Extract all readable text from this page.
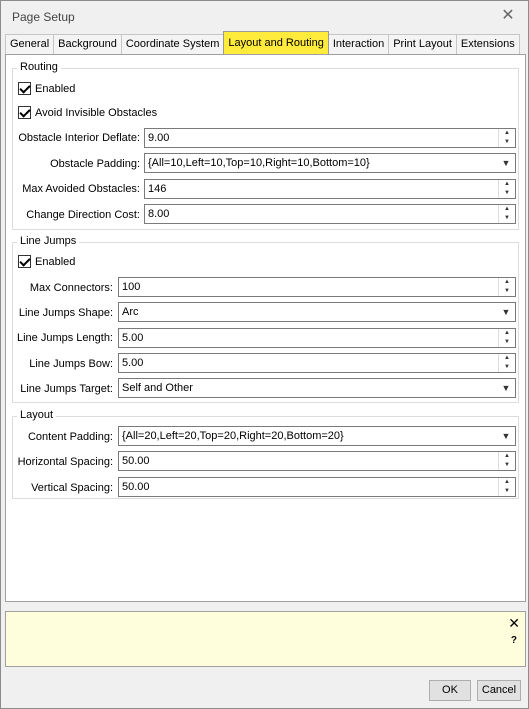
Page Setup	✕
General Background Coordinate System Layout and Routing Interaction Print Layout Extensions
Routing
Enabled
Avoid Invisible Obstacles
Obstacle Interior Deflate: 9.00	▲
▼
Obstacle Padding: {All=10,Left=10,Top=10,Right=10,Bottom=10}	▼
Max Avoided Obstacles: 146	▲
▼
Change Direction Cost: 8.00	▲
▼
Line Jumps
Enabled
Max Connectors: 100	▲
▼
Line Jumps Shape: Arc	▼
Line Jumps Length: 5.00	▲
▼
Line Jumps Bow: 5.00	▲
▼
Line Jumps Target: Self and Other	▼
Layout
Content Padding: {All=20,Left=20,Top=20,Right=20,Bottom=20}	▼
Horizontal Spacing: 50.00	▲
▼
Vertical Spacing: 50.00	▲
▼
✕
?
OK	Cancel
